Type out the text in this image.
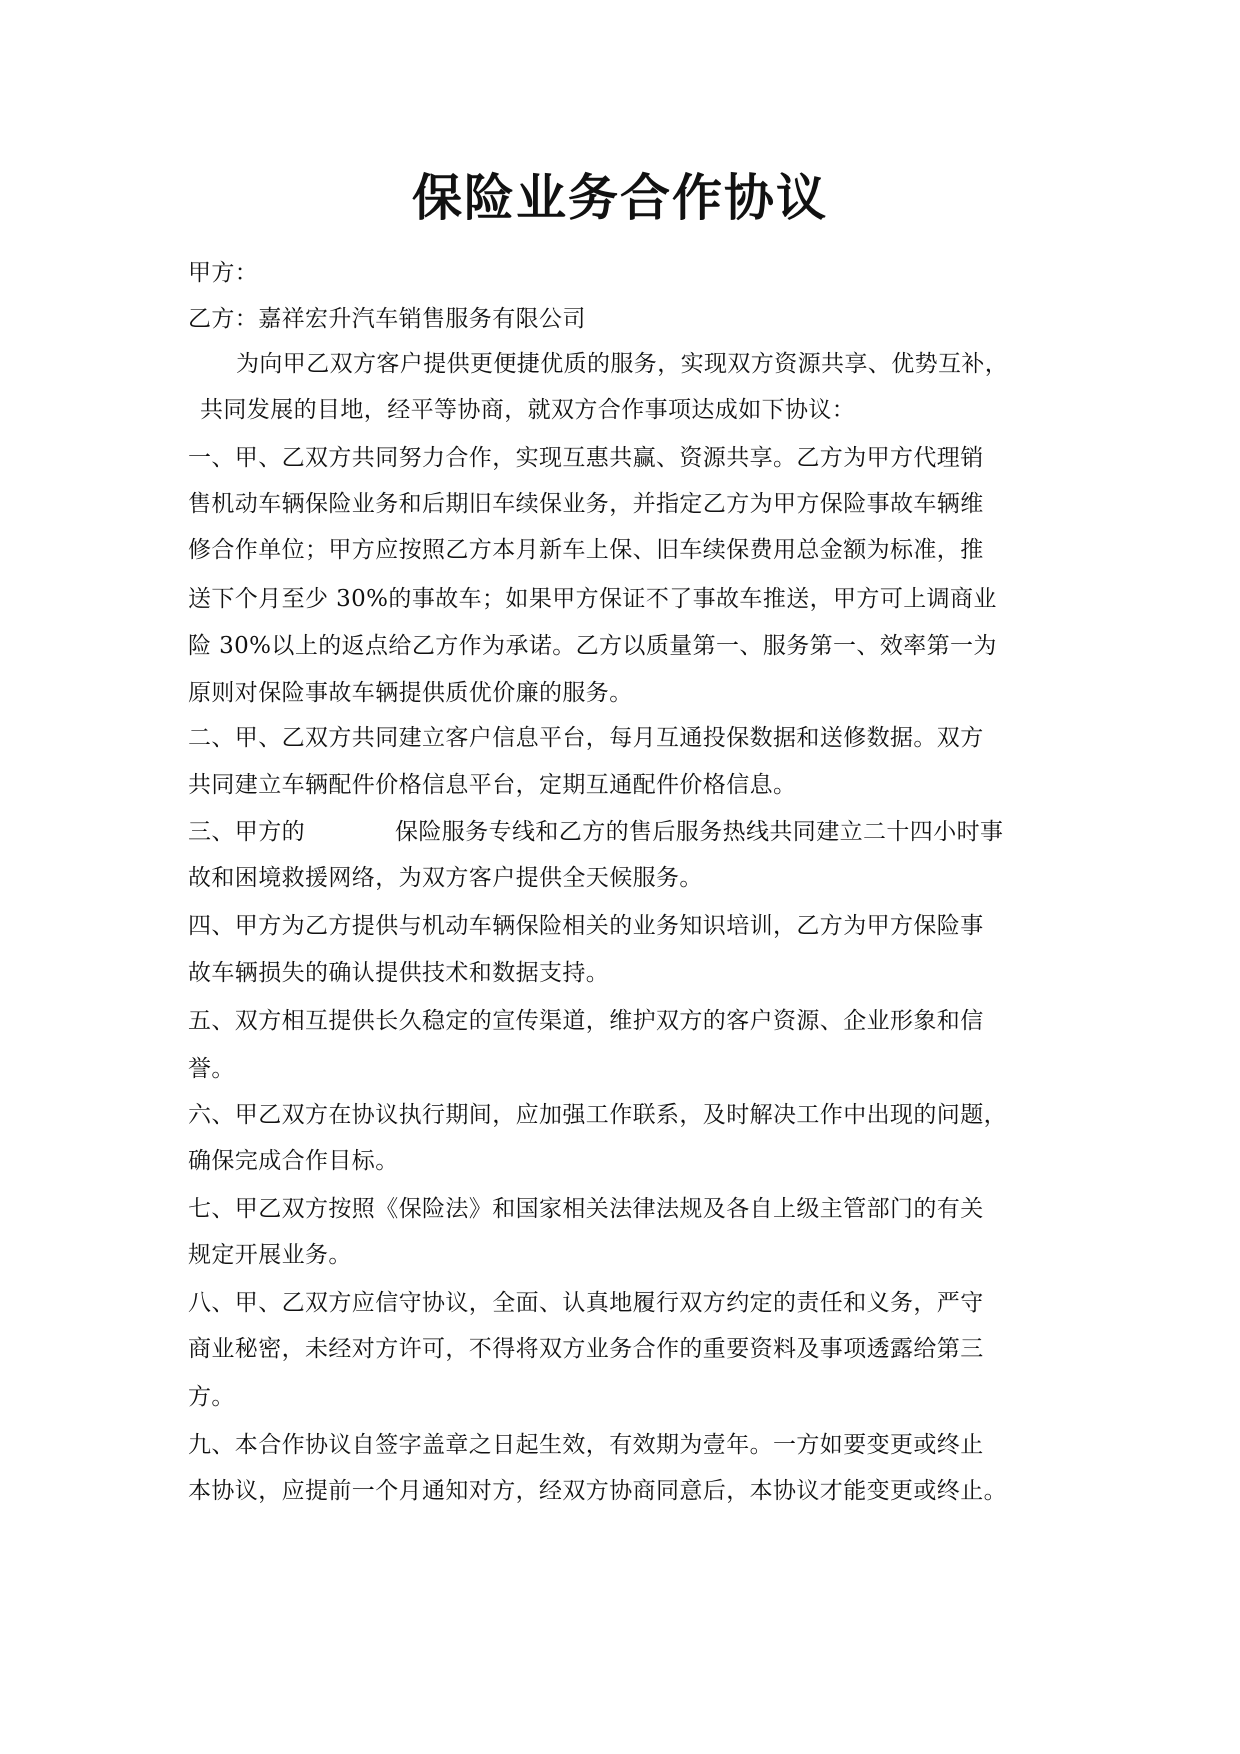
保险业务合作协议
甲方：
乙方：嘉祥宏升汽车销售服务有限公司
为向甲乙双方客户提供更便捷优质的服务，实现双方资源共享、优势互补，
共同发展的目地，经平等协商，就双方合作事项达成如下协议：
一、甲、乙双方共同努力合作，实现互惠共赢、资源共享。乙方为甲方代理销
售机动车辆保险业务和后期旧车续保业务，并指定乙方为甲方保险事故车辆维
修合作单位；甲方应按照乙方本月新车上保、旧车续保费用总金额为标准，推
送下个月至少 30%的事故车；如果甲方保证不了事故车推送，甲方可上调商业
险 30%以上的返点给乙方作为承诺。乙方以质量第一、服务第一、效率第一为
原则对保险事故车辆提供质优价廉的服务。
二、甲、乙双方共同建立客户信息平台，每月互通投保数据和送修数据。双方
共同建立车辆配件价格信息平台，定期互通配件价格信息。
三、甲方的	保险服务专线和乙方的售后服务热线共同建立二十四小时事
故和困境救援网络，为双方客户提供全天候服务。
四、甲方为乙方提供与机动车辆保险相关的业务知识培训，乙方为甲方保险事
故车辆损失的确认提供技术和数据支持。
五、双方相互提供长久稳定的宣传渠道，维护双方的客户资源、企业形象和信
誉。
六、甲乙双方在协议执行期间，应加强工作联系，及时解决工作中出现的问题，
确保完成合作目标。
七、甲乙双方按照《保险法》和国家相关法律法规及各自上级主管部门的有关
规定开展业务。
八、甲、乙双方应信守协议，全面、认真地履行双方约定的责任和义务，严守
商业秘密，未经对方许可，不得将双方业务合作的重要资料及事项透露给第三
方。
九、本合作协议自签字盖章之日起生效，有效期为壹年。一方如要变更或终止
本协议，应提前一个月通知对方，经双方协商同意后，本协议才能变更或终止。
